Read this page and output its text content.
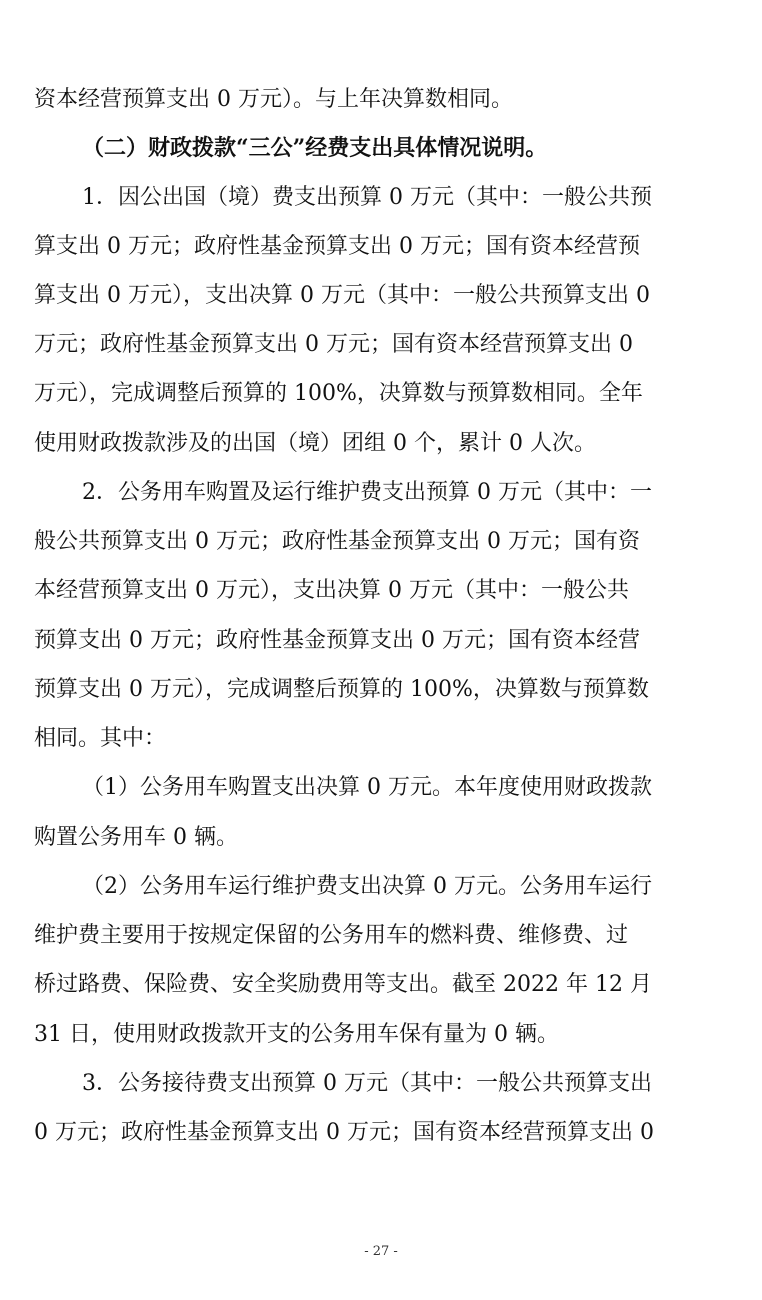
资本经营预算支出 0 万元）。与上年决算数相同。
（二）财政拨款“三公”经费支出具体情况说明。
1．因公出国（境）费支出预算 0 万元（其中：一般公共预
算支出 0 万元；政府性基金预算支出 0 万元；国有资本经营预
算支出 0 万元），支出决算 0 万元（其中：一般公共预算支出 0
万元；政府性基金预算支出 0 万元；国有资本经营预算支出 0
万元），完成调整后预算的 100%，决算数与预算数相同。全年
使用财政拨款涉及的出国（境）团组 0 个，累计 0 人次。
2．公务用车购置及运行维护费支出预算 0 万元（其中：一
般公共预算支出 0 万元；政府性基金预算支出 0 万元；国有资
本经营预算支出 0 万元），支出决算 0 万元（其中：一般公共
预算支出 0 万元；政府性基金预算支出 0 万元；国有资本经营
预算支出 0 万元），完成调整后预算的 100%，决算数与预算数
相同。其中：
（1）公务用车购置支出决算 0 万元。本年度使用财政拨款
购置公务用车 0 辆。
（2）公务用车运行维护费支出决算 0 万元。公务用车运行
维护费主要用于按规定保留的公务用车的燃料费、维修费、过
桥过路费、保险费、安全奖励费用等支出。截至 2022 年 12 月
31 日，使用财政拨款开支的公务用车保有量为 0 辆。
3．公务接待费支出预算 0 万元（其中：一般公共预算支出
0 万元；政府性基金预算支出 0 万元；国有资本经营预算支出 0
- 27 -
